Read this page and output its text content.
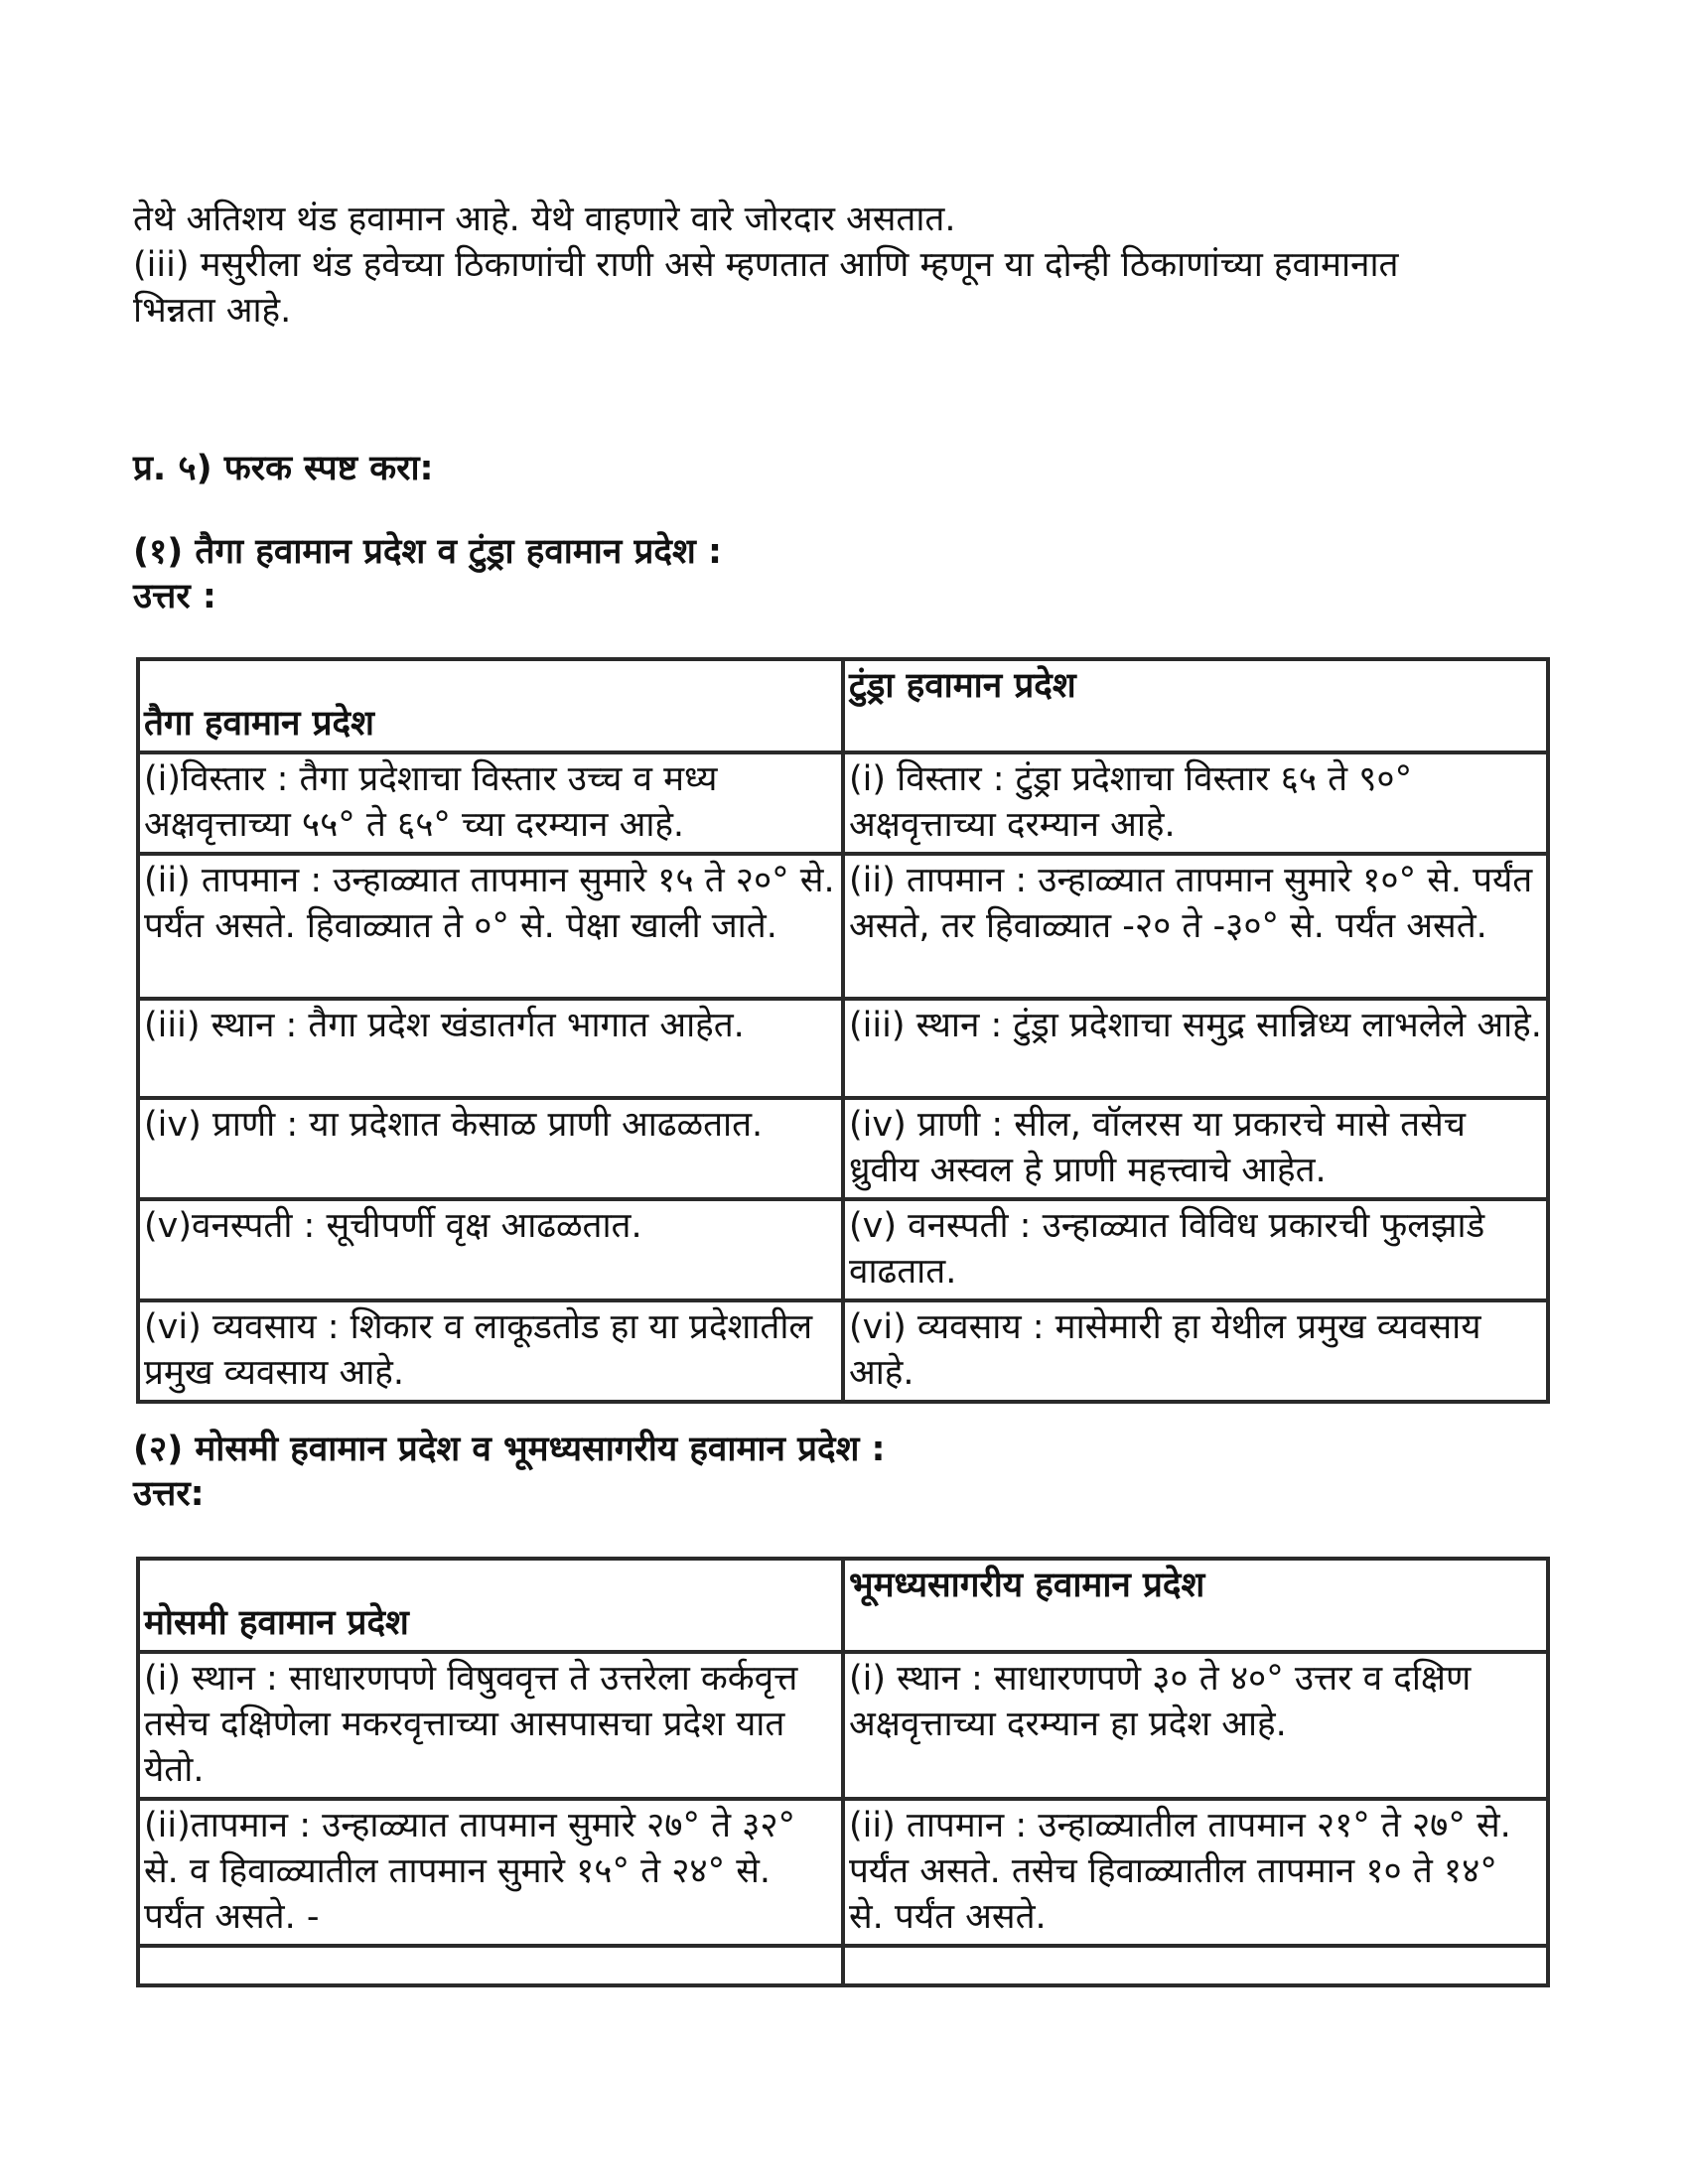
तेथे अतिशय थंड हवामान आहे. येथे वाहणारे वारे जोरदार असतात.
(iii) मसुरीला थंड हवेच्या ठिकाणांची राणी असे म्हणतात आणि म्हणून या दोन्ही ठिकाणांच्या हवामानात
भिन्नता आहे.
प्र. ५) फरक स्पष्ट करा:
(१) तैगा हवामान प्रदेश व टुंड्रा हवामान प्रदेश :
उत्तर :
तैगा हवामान प्रदेश	टुंड्रा हवामान प्रदेश
(i)विस्तार : तैगा प्रदेशाचा विस्तार उच्च व मध्य अक्षवृत्ताच्या ५५° ते ६५° च्या दरम्यान आहे.	(i) विस्तार : टुंड्रा प्रदेशाचा विस्तार ६५ ते ९०° अक्षवृत्ताच्या दरम्यान आहे.
(ii) तापमान : उन्हाळ्यात तापमान सुमारे १५ ते २०° से. पर्यंत असते. हिवाळ्यात ते ०° से. पेक्षा खाली जाते.	(ii) तापमान : उन्हाळ्यात तापमान सुमारे १०° से. पर्यंत असते, तर हिवाळ्यात -२० ते -३०° से. पर्यंत असते.
(iii) स्थान : तैगा प्रदेश खंडातर्गत भागात आहेत.	(iii) स्थान : टुंड्रा प्रदेशाचा समुद्र सान्निध्य लाभलेले आहे.
(iv) प्राणी : या प्रदेशात केसाळ प्राणी आढळतात.	(iv) प्राणी : सील, वॉलरस या प्रकारचे मासे तसेच ध्रुवीय अस्वल हे प्राणी महत्त्वाचे आहेत.
(v)वनस्पती : सूचीपर्णी वृक्ष आढळतात.	(v) वनस्पती : उन्हाळ्यात विविध प्रकारची फुलझाडे वाढतात.
(vi) व्यवसाय : शिकार व लाकूडतोड हा या प्रदेशातील प्रमुख व्यवसाय आहे.	(vi) व्यवसाय : मासेमारी हा येथील प्रमुख व्यवसाय आहे.
(२) मोसमी हवामान प्रदेश व भूमध्यसागरीय हवामान प्रदेश :
उत्तर:
मोसमी हवामान प्रदेश	भूमध्यसागरीय हवामान प्रदेश
(i) स्थान : साधारणपणे विषुववृत्त ते उत्तरेला कर्कवृत्त तसेच दक्षिणेला मकरवृत्ताच्या आसपासचा प्रदेश यात येतो.	(i) स्थान : साधारणपणे ३० ते ४०° उत्तर व दक्षिण अक्षवृत्ताच्या दरम्यान हा प्रदेश आहे.
(ii)तापमान : उन्हाळ्यात तापमान सुमारे २७° ते ३२° से. व हिवाळ्यातील तापमान सुमारे १५° ते २४° से. पर्यंत असते. -	(ii) तापमान : उन्हाळ्यातील तापमान २१° ते २७° से. पर्यंत असते. तसेच हिवाळ्यातील तापमान १० ते १४° से. पर्यंत असते.
